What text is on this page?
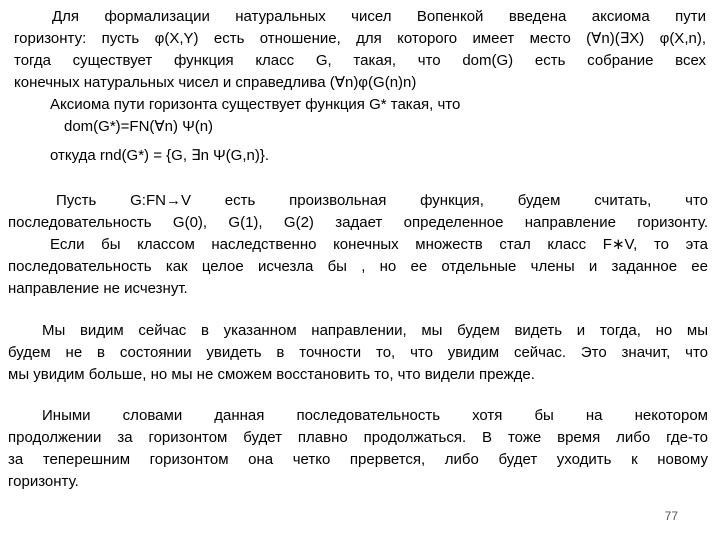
Для формализации натуральных чисел Вопенкой введена аксиома пути
горизонту: пусть φ(X,Y) есть отношение, для которого имеет место (∀n)(∃X) φ(X,n),
тогда существует функция класс G, такая, что dom(G) есть собрание всех
конечных натуральных чисел и справедлива (∀n)φ(G(n)n)
Аксиома пути горизонта существует функция G* такая, что
dom(G*)=FN(∀n) Ψ(n)
откуда rnd(G*) = {G, ∃n Ψ(G,n)}.
Пусть G:FN→V есть произвольная функция, будем считать, что
последовательность G(0), G(1), G(2) задает определенное направление горизонту.
Если бы классом наследственно конечных множеств стал класс F∗V, то эта
последовательность как целое исчезла бы , но ее отдельные члены и заданное ее
направление не исчезнут.
Мы видим сейчас в указанном направлении, мы будем видеть и тогда, но мы
будем не в состоянии увидеть в точности то, что увидим сейчас. Это значит, что
мы увидим больше, но мы не сможем восстановить то, что видели прежде.
Иными словами данная последовательность хотя бы на некотором
продолжении за горизонтом будет плавно продолжаться. В тоже время либо где-то
за теперешним горизонтом она четко прервется, либо будет уходить к новому
горизонту.
77
